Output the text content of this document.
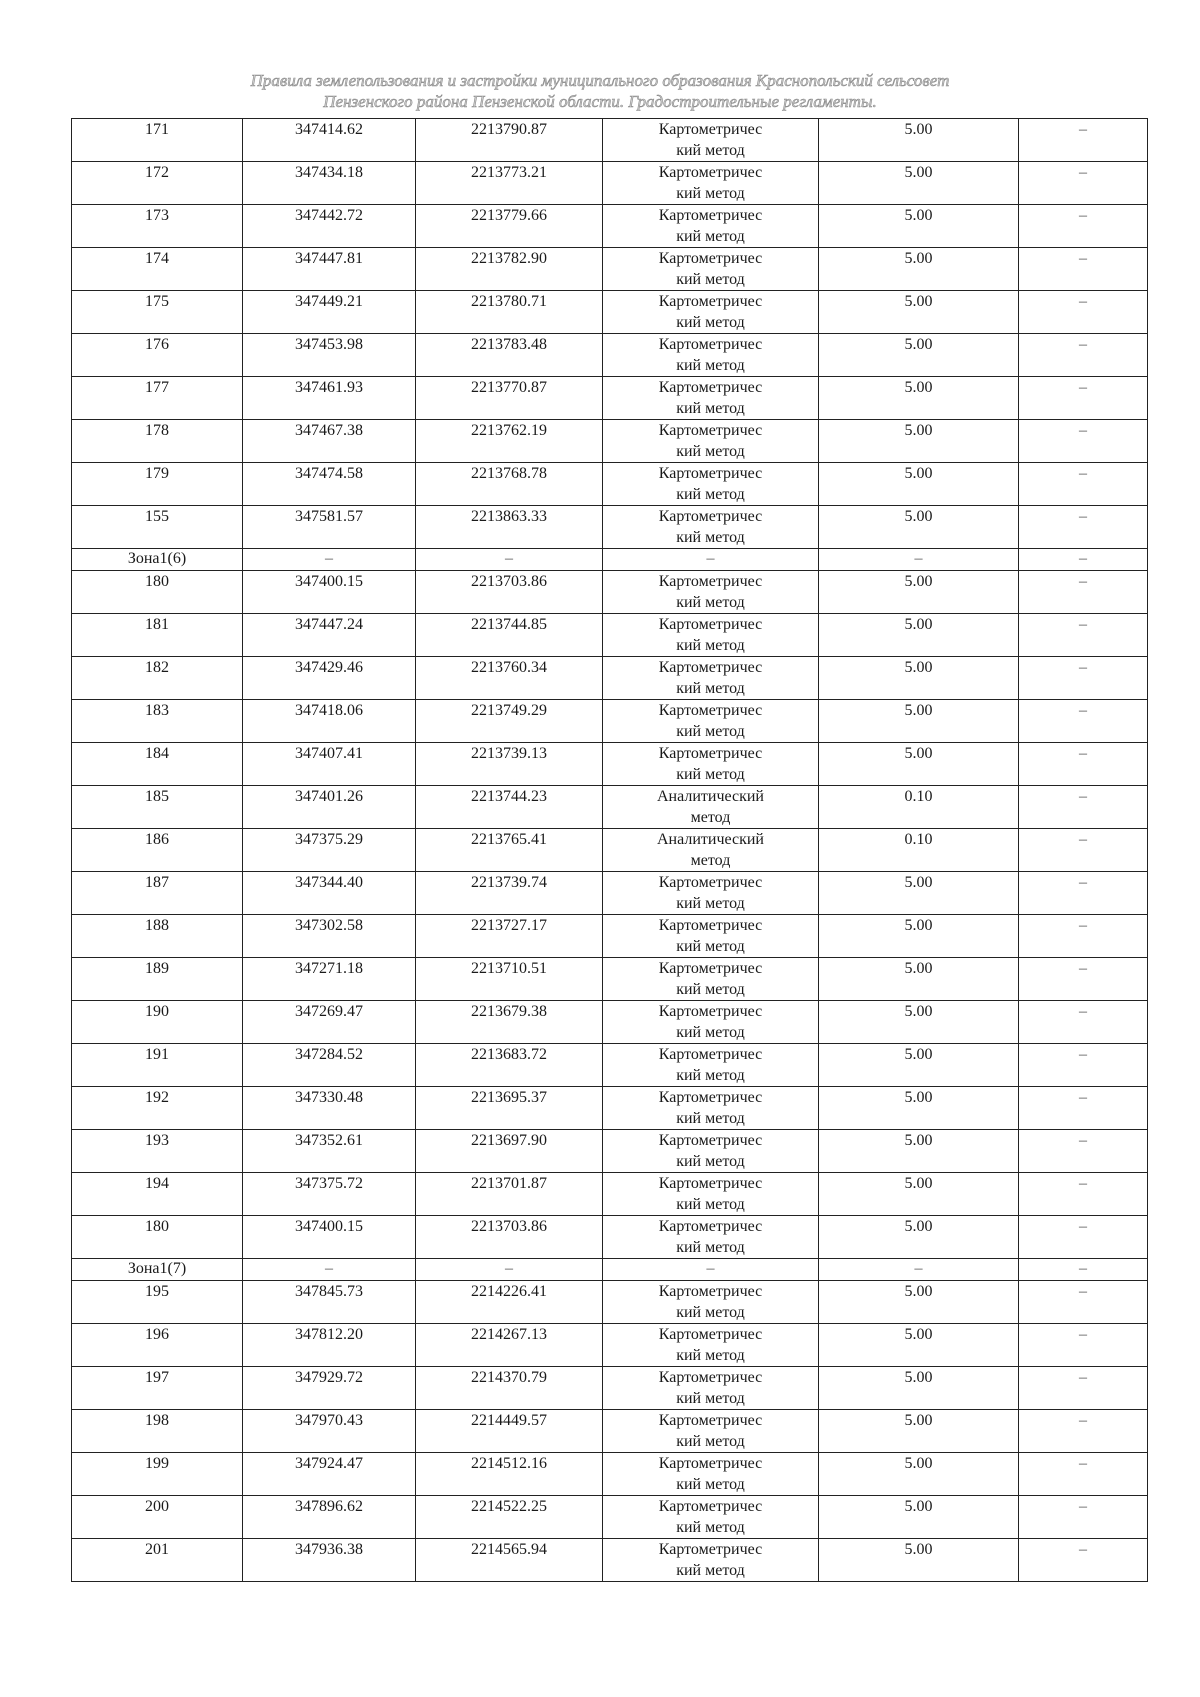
Правила землепользования и застройки муниципального образования Краснопольский сельсовет
Пензенского района Пензенской области. Градостроительные регламенты.
171	347414.62	2213790.87	Картометричес кий метод	5.00	–
172	347434.18	2213773.21	Картометричес кий метод	5.00	–
173	347442.72	2213779.66	Картометричес кий метод	5.00	–
174	347447.81	2213782.90	Картометричес кий метод	5.00	–
175	347449.21	2213780.71	Картометричес кий метод	5.00	–
176	347453.98	2213783.48	Картометричес кий метод	5.00	–
177	347461.93	2213770.87	Картометричес кий метод	5.00	–
178	347467.38	2213762.19	Картометричес кий метод	5.00	–
179	347474.58	2213768.78	Картометричес кий метод	5.00	–
155	347581.57	2213863.33	Картометричес кий метод	5.00	–
Зона1(6)	–	–	–	–	–
180	347400.15	2213703.86	Картометричес кий метод	5.00	–
181	347447.24	2213744.85	Картометричес кий метод	5.00	–
182	347429.46	2213760.34	Картометричес кий метод	5.00	–
183	347418.06	2213749.29	Картометричес кий метод	5.00	–
184	347407.41	2213739.13	Картометричес кий метод	5.00	–
185	347401.26	2213744.23	Аналитический метод	0.10	–
186	347375.29	2213765.41	Аналитический метод	0.10	–
187	347344.40	2213739.74	Картометричес кий метод	5.00	–
188	347302.58	2213727.17	Картометричес кий метод	5.00	–
189	347271.18	2213710.51	Картометричес кий метод	5.00	–
190	347269.47	2213679.38	Картометричес кий метод	5.00	–
191	347284.52	2213683.72	Картометричес кий метод	5.00	–
192	347330.48	2213695.37	Картометричес кий метод	5.00	–
193	347352.61	2213697.90	Картометричес кий метод	5.00	–
194	347375.72	2213701.87	Картометричес кий метод	5.00	–
180	347400.15	2213703.86	Картометричес кий метод	5.00	–
Зона1(7)	–	–	–	–	–
195	347845.73	2214226.41	Картометричес кий метод	5.00	–
196	347812.20	2214267.13	Картометричес кий метод	5.00	–
197	347929.72	2214370.79	Картометричес кий метод	5.00	–
198	347970.43	2214449.57	Картометричес кий метод	5.00	–
199	347924.47	2214512.16	Картометричес кий метод	5.00	–
200	347896.62	2214522.25	Картометричес кий метод	5.00	–
201	347936.38	2214565.94	Картометричес кий метод	5.00	–
